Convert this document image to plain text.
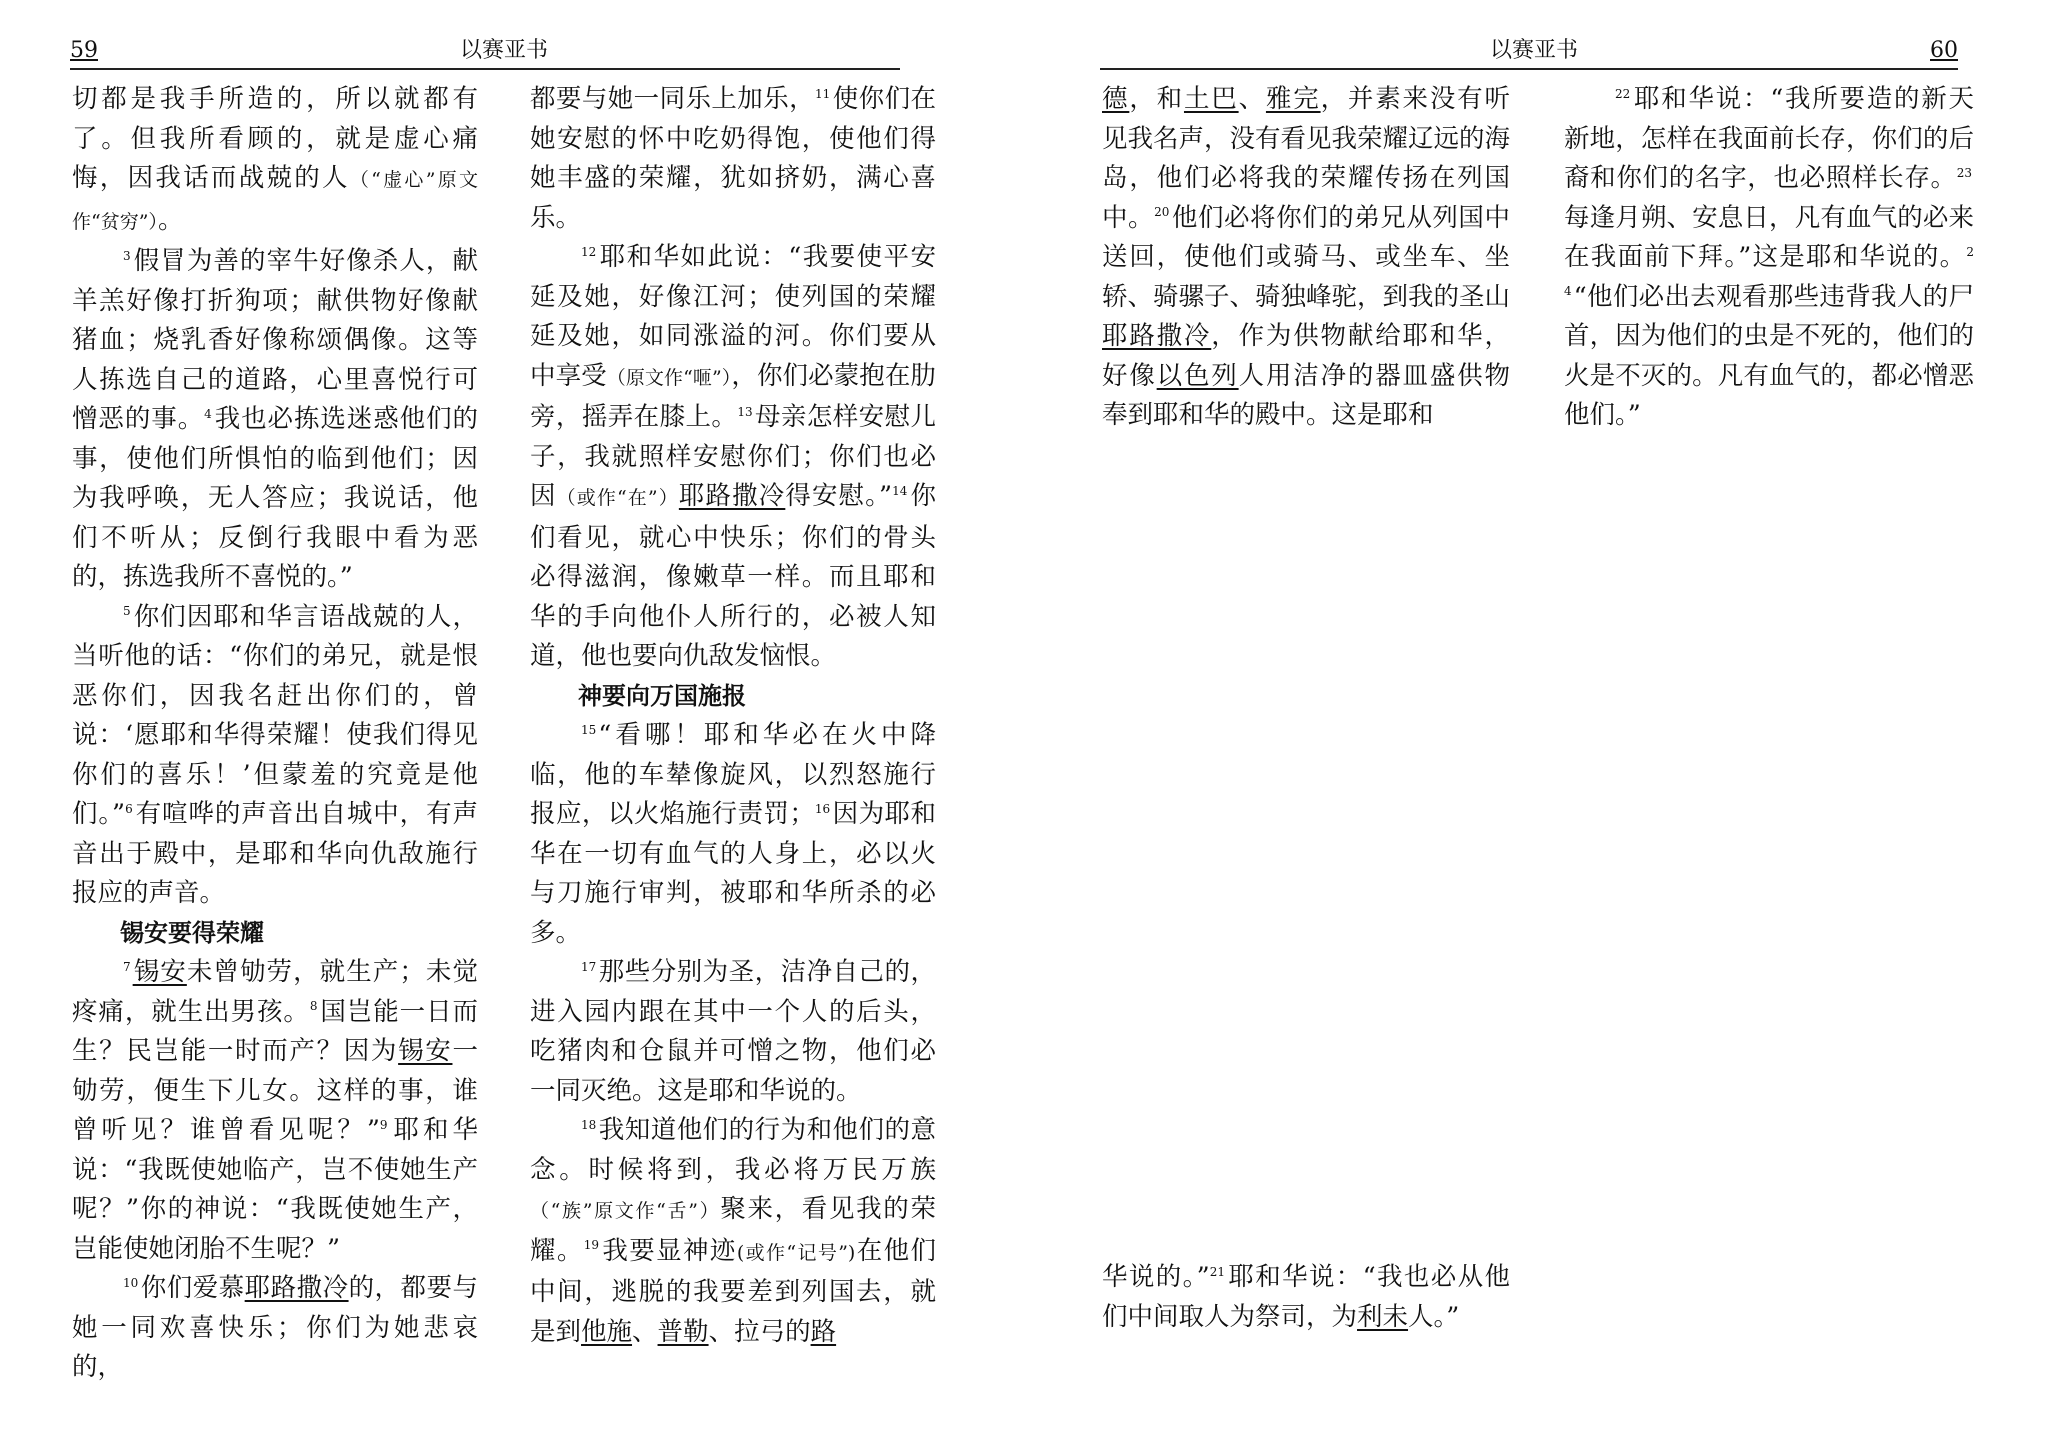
59	以赛亚书	以赛亚书	60

切都是我手所造的，所以就都有了。但我所看顾的，就是虚心痛悔，因我话而战兢的人（“虚心”原文作“贫穷”）。

$^3$假冒为善的宰牛好像杀人，献羊羔好像打折狗项；献供物好像献猪血；烧乳香好像称颂偶像。这等人拣选自己的道路，心里喜悦行可憎恶的事。$^4$我也必拣选迷惑他们的事，使他们所惧怕的临到他们；因为我呼唤，无人答应；我说话，他们不听从；反倒行我眼中看为恶的，拣选我所不喜悦的。”

$^5$你们因耶和华言语战兢的人，当听他的话：“你们的弟兄，就是恨恶你们，因我名赶出你们的，曾说：‘愿耶和华得荣耀！使我们得见你们的喜乐！’但蒙羞的究竟是他们。”$^6$有喧哗的声音出自城中，有声音出于殿中，是耶和华向仇敌施行报应的声音。

锡安要得荣耀

$^7$锡安未曾劬劳，就生产；未觉疼痛，就生出男孩。$^8$国岂能一日而生？民岂能一时而产？因为锡安一劬劳，便生下儿女。这样的事，谁曾听见？谁曾看见呢？”$^9$耶和华说：“我既使她临产，岂不使她生产呢？”你的神说：“我既使她生产，岂能使她闭胎不生呢？”

$^{10}$你们爱慕耶路撒冷的，都要与她一同欢喜快乐；你们为她悲哀的，

都要与她一同乐上加乐，$^{11}$使你们在她安慰的怀中吃奶得饱，使他们得她丰盛的荣耀，犹如挤奶，满心喜乐。

$^{12}$耶和华如此说：“我要使平安延及她，好像江河；使列国的荣耀延及她，如同涨溢的河。你们要从中享受（原文作“咂”），你们必蒙抱在肋旁，摇弄在膝上。$^{13}$母亲怎样安慰儿子，我就照样安慰你们；你们也必因（或作“在”）耶路撒冷得安慰。”$^{14}$你们看见，就心中快乐；你们的骨头必得滋润，像嫩草一样。而且耶和华的手向他仆人所行的，必被人知道，他也要向仇敌发恼恨。

神要向万国施报

$^{15}$“看哪！耶和华必在火中降临，他的车辇像旋风，以烈怒施行报应，以火焰施行责罚；$^{16}$因为耶和华在一切有血气的人身上，必以火与刀施行审判，被耶和华所杀的必多。

$^{17}$那些分别为圣，洁净自己的，进入园内跟在其中一个人的后头，吃猪肉和仓鼠并可憎之物，他们必一同灭绝。这是耶和华说的。

$^{18}$我知道他们的行为和他们的意念。时候将到，我必将万民万族（“族”原文作“舌”）聚来，看见我的荣耀。$^{19}$我要显神迹(或作“记号”)在他们中间，逃脱的我要差到列国去，就是到他施、普勒、拉弓的路

德，和土巴、雅完，并素来没有听见我名声，没有看见我荣耀辽远的海岛，他们必将我的荣耀传扬在列国中。$^{20}$他们必将你们的弟兄从列国中送回，使他们或骑马、或坐车、坐轿、骑骡子、骑独峰驼，到我的圣山耶路撒冷，作为供物献给耶和华，好像以色列人用洁净的器皿盛供物奉到耶和华的殿中。这是耶和

华说的。”$^{21}$耶和华说：“我也必从他们中间取人为祭司，为利未人。”

$^{22}$耶和华说：“我所要造的新天新地，怎样在我面前长存，你们的后裔和你们的名字，也必照样长存。$^{23}$每逢月朔、安息日，凡有血气的必来在我面前下拜。”这是耶和华说的。$^{24}$“他们必出去观看那些违背我人的尸首，因为他们的虫是不死的，他们的火是不灭的。凡有血气的，都必憎恶他们。”
